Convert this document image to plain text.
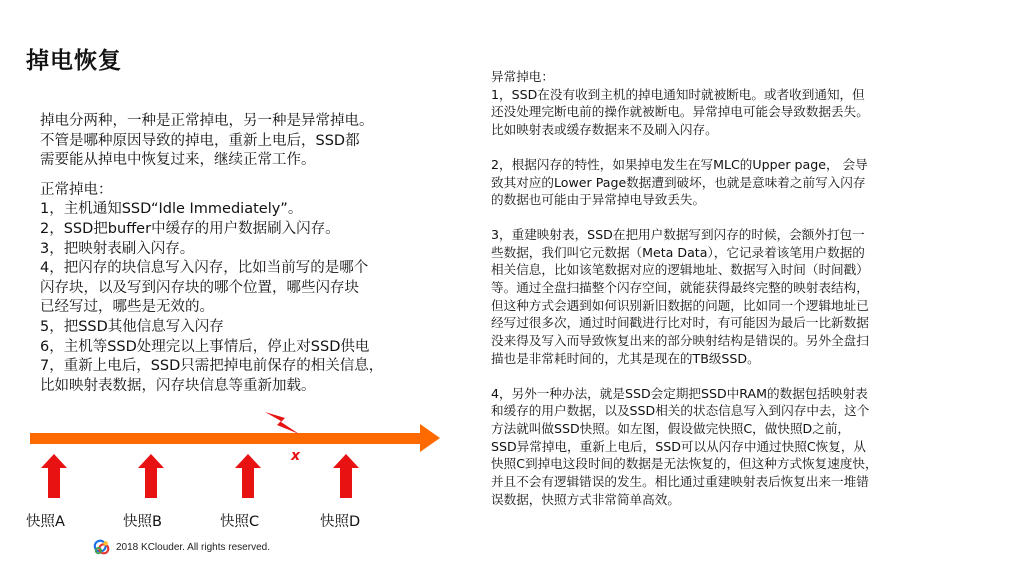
掉电恢复

掉电分两种，一种是正常掉电，另一种是异常掉电。
不管是哪种原因导致的掉电，重新上电后，SSD都
需要能从掉电中恢复过来，继续正常工作。

正常掉电：
1，主机通知SSD“Idle Immediately”。
2，SSD把buffer中缓存的用户数据刷入闪存。
3，把映射表刷入闪存。
4，把闪存的块信息写入闪存，比如当前写的是哪个
闪存块，以及写到闪存块的哪个位置，哪些闪存块
已经写过，哪些是无效的。
5，把SSD其他信息写入闪存
6，主机等SSD处理完以上事情后，停止对SSD供电
7，重新上电后，SSD只需把掉电前保存的相关信息，
比如映射表数据，闪存块信息等重新加载。

x
快照A	快照B	快照C	快照D

异常掉电：
1，SSD在没有收到主机的掉电通知时就被断电。或者收到通知，但
还没处理完断电前的操作就被断电。异常掉电可能会导致数据丢失。
比如映射表或缓存数据来不及刷入闪存。

2，根据闪存的特性，如果掉电发生在写MLC的Upper page， 会导
致其对应的Lower Page数据遭到破坏，也就是意味着之前写入闪存
的数据也可能由于异常掉电导致丢失。

3，重建映射表，SSD在把用户数据写到闪存的时候，会额外打包一
些数据，我们叫它元数据（Meta Data），它记录着该笔用户数据的
相关信息，比如该笔数据对应的逻辑地址、数据写入时间（时间戳）
等。通过全盘扫描整个闪存空间，就能获得最终完整的映射表结构，
但这种方式会遇到如何识别新旧数据的问题，比如同一个逻辑地址已
经写过很多次，通过时间戳进行比对时，有可能因为最后一比新数据
没来得及写入而导致恢复出来的部分映射结构是错误的。另外全盘扫
描也是非常耗时间的，尤其是现在的TB级SSD。

4，另外一种办法，就是SSD会定期把SSD中RAM的数据包括映射表
和缓存的用户数据，以及SSD相关的状态信息写入到闪存中去，这个
方法就叫做SSD快照。如左图，假设做完快照C，做快照D之前，
SSD异常掉电，重新上电后，SSD可以从闪存中通过快照C恢复，从
快照C到掉电这段时间的数据是无法恢复的，但这种方式恢复速度快，
并且不会有逻辑错误的发生。相比通过重建映射表后恢复出来一堆错
误数据，快照方式非常简单高效。

2018 KClouder. All rights reserved.
